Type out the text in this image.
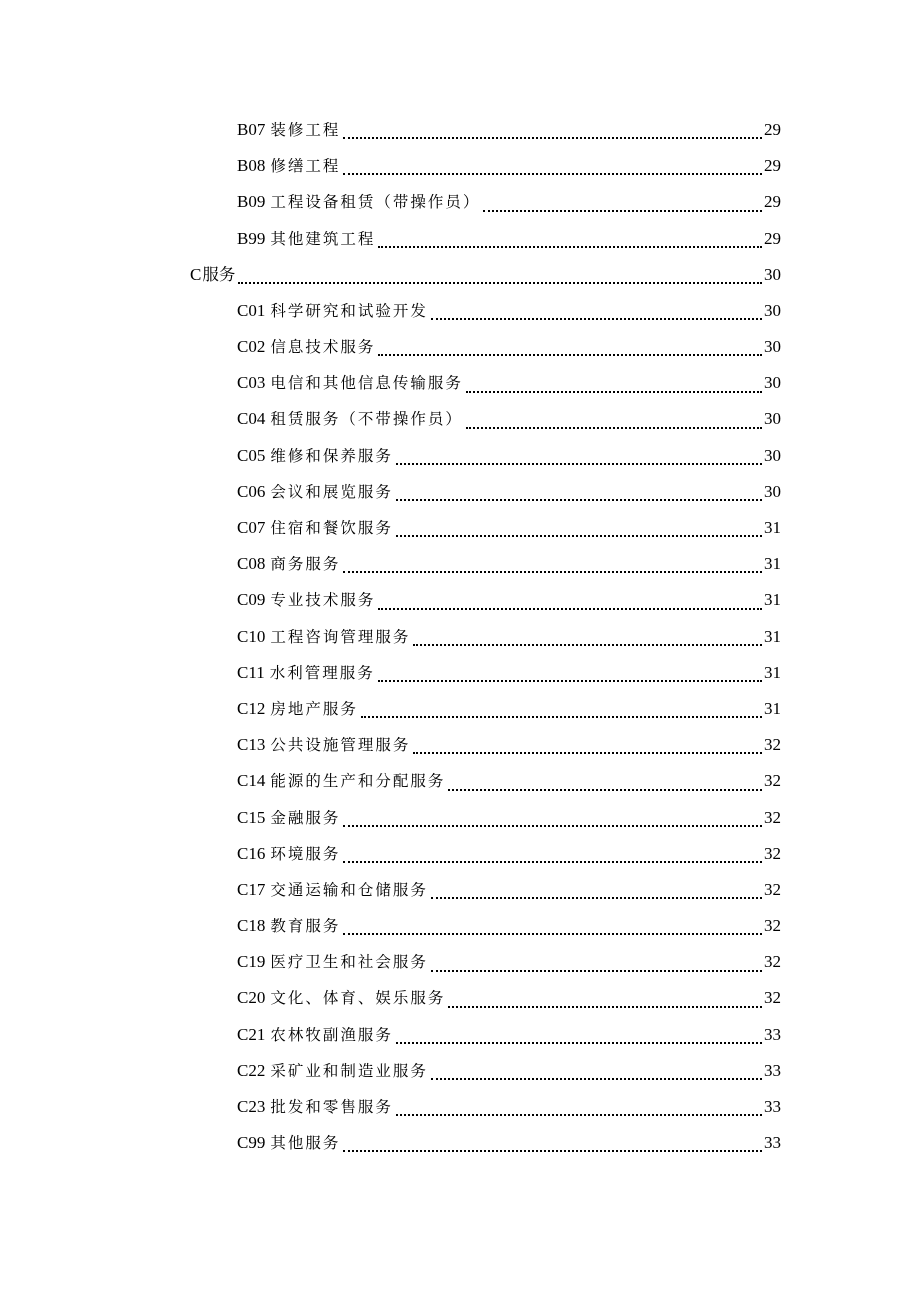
B07 装修工程	29
B08 修缮工程	29
B09 工程设备租赁（带操作员）	29
B99 其他建筑工程	29
C服务	30
C01 科学研究和试验开发	30
C02 信息技术服务	30
C03 电信和其他信息传输服务	30
C04 租赁服务（不带操作员）	30
C05 维修和保养服务	30
C06 会议和展览服务	30
C07 住宿和餐饮服务	31
C08 商务服务	31
C09 专业技术服务	31
C10 工程咨询管理服务	31
C11 水利管理服务	31
C12 房地产服务	31
C13 公共设施管理服务	32
C14 能源的生产和分配服务	32
C15 金融服务	32
C16 环境服务	32
C17 交通运输和仓储服务	32
C18 教育服务	32
C19 医疗卫生和社会服务	32
C20 文化、体育、娱乐服务	32
C21 农林牧副渔服务	33
C22 采矿业和制造业服务	33
C23 批发和零售服务	33
C99 其他服务	33
